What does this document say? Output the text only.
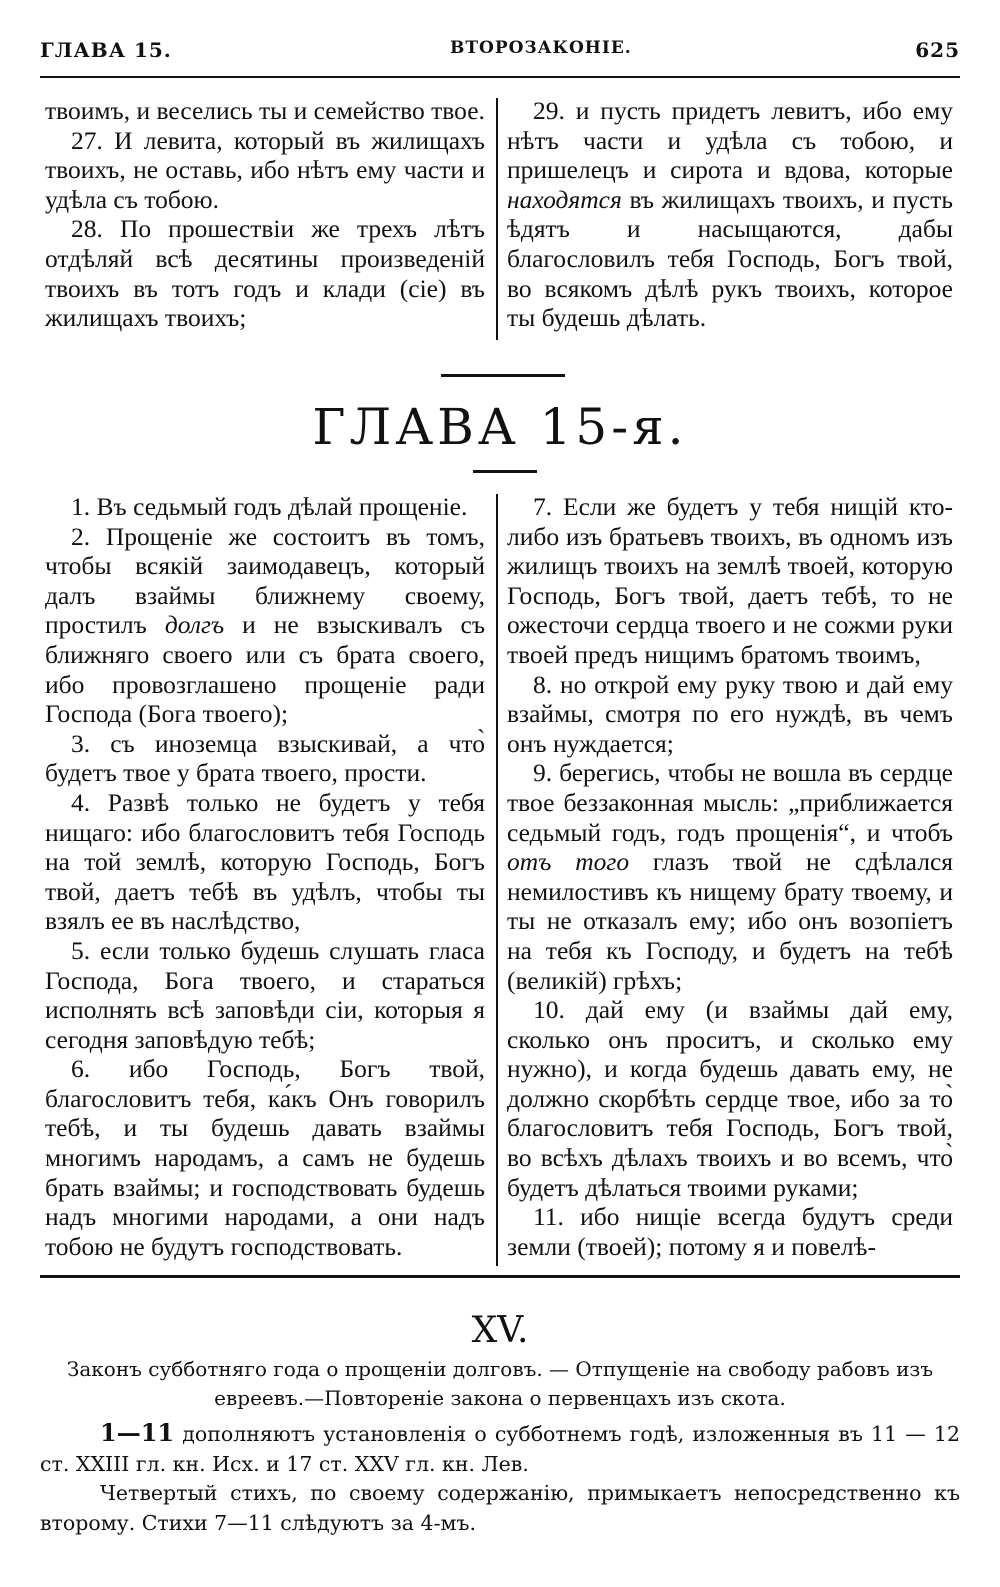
ГЛАВА 15.	ВТОРОЗАКОНІЕ.	625

твоимъ, и веселись ты и семейство твое.

27. И левита, который въ жилищахъ твоихъ, не оставь, ибо нѣтъ ему части и удѣла съ тобою.

28. По прошествіи же трехъ лѣтъ отдѣляй всѣ десятины произведеній твоихъ въ тотъ годъ и клади (сіе) въ жилищахъ твоихъ;

29. и пусть придетъ левитъ, ибо ему нѣтъ части и удѣла съ тобою, и пришелецъ и сирота и вдова, которые находятся въ жилищахъ твоихъ, и пусть ѣдятъ и насыщаются, дабы благословилъ тебя Господь, Богъ твой, во всякомъ дѣлѣ рукъ твоихъ, которое ты будешь дѣлать.

ГЛАВА 15-я.

1. Въ седьмый годъ дѣлай прощеніе.

2. Прощеніе же состоитъ въ томъ, чтобы всякій заимодавецъ, который далъ взаймы ближнему своему, простилъ долгъ и не взыскивалъ съ ближняго своего или съ брата своего, ибо провозглашено прощеніе ради Господа (Бога твоего);

3. съ иноземца взыскивай, а что̀ будетъ твое у брата твоего, прости.

4. Развѣ только не будетъ у тебя нищаго: ибо благословитъ тебя Господь на той землѣ, которую Господь, Богъ твой, даетъ тебѣ въ удѣлъ, чтобы ты взялъ ее въ наслѣдство,

5. если только будешь слушать гласа Господа, Бога твоего, и стараться исполнять всѣ заповѣди сіи, которыя я сегодня заповѣдую тебѣ;

6. ибо Господь, Богъ твой, благословитъ тебя, ка́къ Онъ говорилъ тебѣ, и ты будешь давать взаймы многимъ народамъ, а самъ не будешь брать взаймы; и господствовать будешь надъ многими народами, а они надъ тобою не будутъ господствовать.

7. Если же будетъ у тебя нищій кто-либо изъ братьевъ твоихъ, въ одномъ изъ жилищъ твоихъ на землѣ твоей, которую Господь, Богъ твой, даетъ тебѣ, то не ожесточи сердца твоего и не сожми руки твоей предъ нищимъ братомъ твоимъ,

8. но открой ему руку твою и дай ему взаймы, смотря по его нуждѣ, въ чемъ онъ нуждается;

9. берегись, чтобы не вошла въ сердце твое беззаконная мысль: „приближается седьмый годъ, годъ прощенія“, и чтобъ отъ того глазъ твой не сдѣлался немилостивъ къ нищему брату твоему, и ты не отказалъ ему; ибо онъ возопіетъ на тебя къ Господу, и будетъ на тебѣ (великій) грѣхъ;

10. дай ему (и взаймы дай ему, сколько онъ проситъ, и сколько ему нужно), и когда будешь давать ему, не должно скорбѣть сердце твое, ибо за то̀ благословитъ тебя Господь, Богъ твой, во всѣхъ дѣлахъ твоихъ и во всемъ, что̀ будетъ дѣлаться твоими руками;

11. ибо нищіе всегда будутъ среди земли (твоей); потому я и повелѣ-

XV.
Законъ субботняго года о прощеніи долговъ. — Отпущеніе на свободу рабовъ изъ евреевъ.—Повтореніе закона о первенцахъ изъ скота.

1—11 дополняютъ установленія о субботнемъ годѣ, изложенныя въ 11 — 12 ст. XXIII гл. кн. Исх. и 17 ст. XXV гл. кн. Лев.

Четвертый стихъ, по своему содержанію, примыкаетъ непосредственно къ второму. Стихи 7—11 слѣдуютъ за 4-мъ.
